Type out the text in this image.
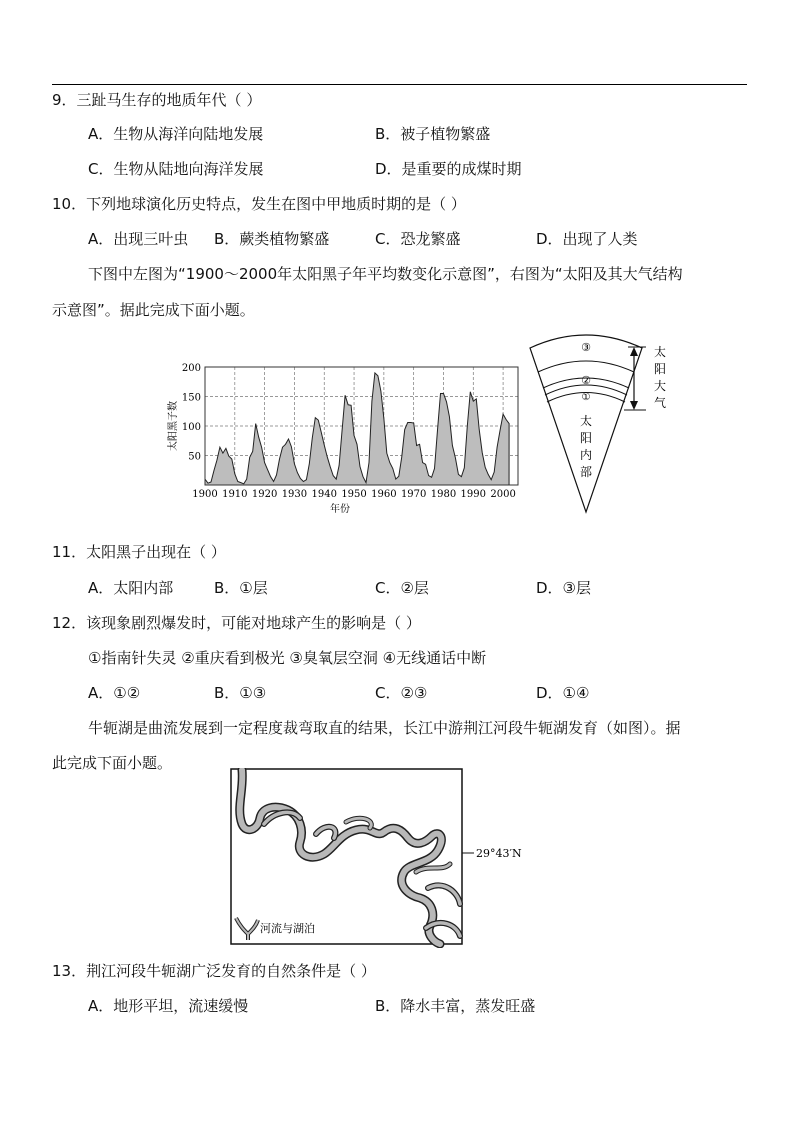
9．三趾马生存的地质年代（ ）
A．生物从海洋向陆地发展	B．被子植物繁盛
C．生物从陆地向海洋发展	D．是重要的成煤时期
10．下列地球演化历史特点，发生在图中甲地质时期的是（ ）
A．出现三叶虫 B．蕨类植物繁盛	C．恐龙繁盛	D．出现了人类
下图中左图为“1900～2000年太阳黑子年平均数变化示意图”，右图为“太阳及其大气结构
示意图”。据此完成下面小题。
50
100
150
200
1900 1910 1920 1930 1940 1950 1960 1970 1980 1990 2000
年份
太阳黑子数
③
②
①
太
阳
内
部
太
阳
大
气
11．太阳黑子出现在（ ）
A．太阳内部	B．①层	C．②层	D．③层
12．该现象剧烈爆发时，可能对地球产生的影响是（ ）
①指南针失灵 ②重庆看到极光 ③臭氧层空洞 ④无线通话中断
A．①②	B．①③	C．②③	D．①④
牛轭湖是曲流发展到一定程度裁弯取直的结果，长江中游荆江河段牛轭湖发育（如图）。据
此完成下面小题。
29°43′N
河流与湖泊
13．荆江河段牛轭湖广泛发育的自然条件是（ ）
A．地形平坦，流速缓慢	B．降水丰富，蒸发旺盛
